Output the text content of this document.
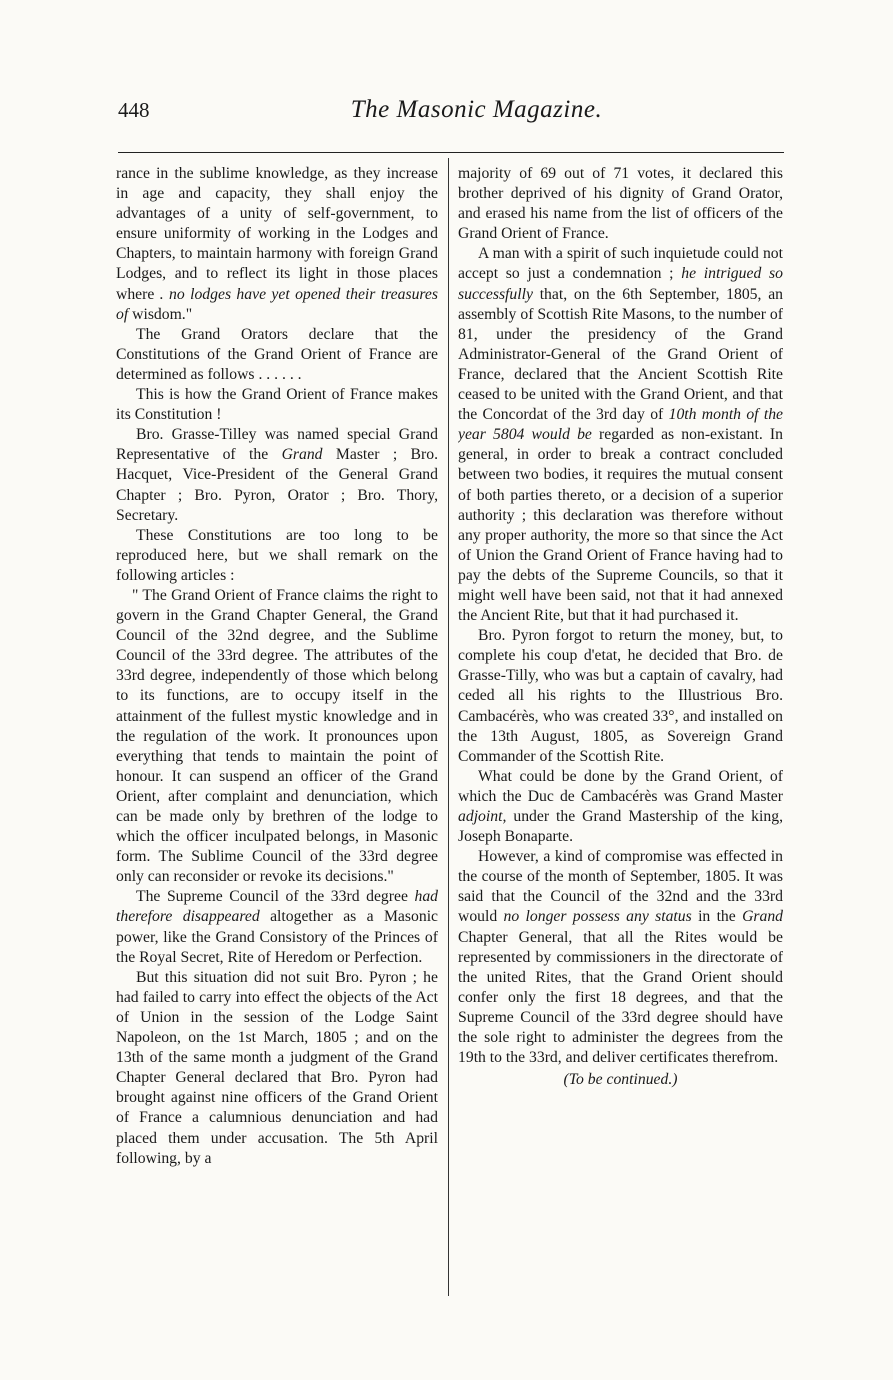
448	The Masonic Magazine.

rance in the sublime knowledge, as they increase in age and capacity, they shall enjoy the advantages of a unity of self-government, to ensure uniformity of working in the Lodges and Chapters, to maintain harmony with foreign Grand Lodges, and to reflect its light in those places where . no lodges have yet opened their treasures of wisdom."

The Grand Orators declare that the Constitutions of the Grand Orient of France are determined as follows . . . . . .

This is how the Grand Orient of France makes its Constitution !

Bro. Grasse-Tilley was named special Grand Representative of the Grand Master ; Bro. Hacquet, Vice-President of the General Grand Chapter ; Bro. Pyron, Orator ; Bro. Thory, Secretary.

These Constitutions are too long to be reproduced here, but we shall remark on the following articles :

" The Grand Orient of France claims the right to govern in the Grand Chapter General, the Grand Council of the 32nd degree, and the Sublime Council of the 33rd degree. The attributes of the 33rd degree, independently of those which belong to its functions, are to occupy itself in the attainment of the fullest mystic knowledge and in the regulation of the work. It pronounces upon everything that tends to maintain the point of honour. It can suspend an officer of the Grand Orient, after complaint and denunciation, which can be made only by brethren of the lodge to which the officer inculpated belongs, in Masonic form. The Sublime Council of the 33rd degree only can reconsider or revoke its decisions."

The Supreme Council of the 33rd degree had therefore disappeared altogether as a Masonic power, like the Grand Consistory of the Princes of the Royal Secret, Rite of Heredom or Perfection.

But this situation did not suit Bro. Pyron ; he had failed to carry into effect the objects of the Act of Union in the session of the Lodge Saint Napoleon, on the 1st March, 1805 ; and on the 13th of the same month a judgment of the Grand Chapter General declared that Bro. Pyron had brought against nine officers of the Grand Orient of France a calumnious denunciation and had placed them under accusation. The 5th April following, by a

majority of 69 out of 71 votes, it declared this brother deprived of his dignity of Grand Orator, and erased his name from the list of officers of the Grand Orient of France.

A man with a spirit of such inquietude could not accept so just a condemnation ; he intrigued so successfully that, on the 6th September, 1805, an assembly of Scottish Rite Masons, to the number of 81, under the presidency of the Grand Administrator-General of the Grand Orient of France, declared that the Ancient Scottish Rite ceased to be united with the Grand Orient, and that the Concordat of the 3rd day of 10th month of the year 5804 would be regarded as non-existant. In general, in order to break a contract concluded between two bodies, it requires the mutual consent of both parties thereto, or a decision of a superior authority ; this declaration was therefore without any proper authority, the more so that since the Act of Union the Grand Orient of France having had to pay the debts of the Supreme Councils, so that it might well have been said, not that it had annexed the Ancient Rite, but that it had purchased it.

Bro. Pyron forgot to return the money, but, to complete his coup d'etat, he decided that Bro. de Grasse-Tilly, who was but a captain of cavalry, had ceded all his rights to the Illustrious Bro. Cambacérès, who was created 33°, and installed on the 13th August, 1805, as Sovereign Grand Commander of the Scottish Rite.

What could be done by the Grand Orient, of which the Duc de Cambacérès was Grand Master adjoint, under the Grand Mastership of the king, Joseph Bonaparte.

However, a kind of compromise was effected in the course of the month of September, 1805. It was said that the Council of the 32nd and the 33rd would no longer possess any status in the Grand Chapter General, that all the Rites would be represented by commissioners in the directorate of the united Rites, that the Grand Orient should confer only the first 18 degrees, and that the Supreme Council of the 33rd degree should have the sole right to administer the degrees from the 19th to the 33rd, and deliver certificates therefrom.

(To be continued.)
